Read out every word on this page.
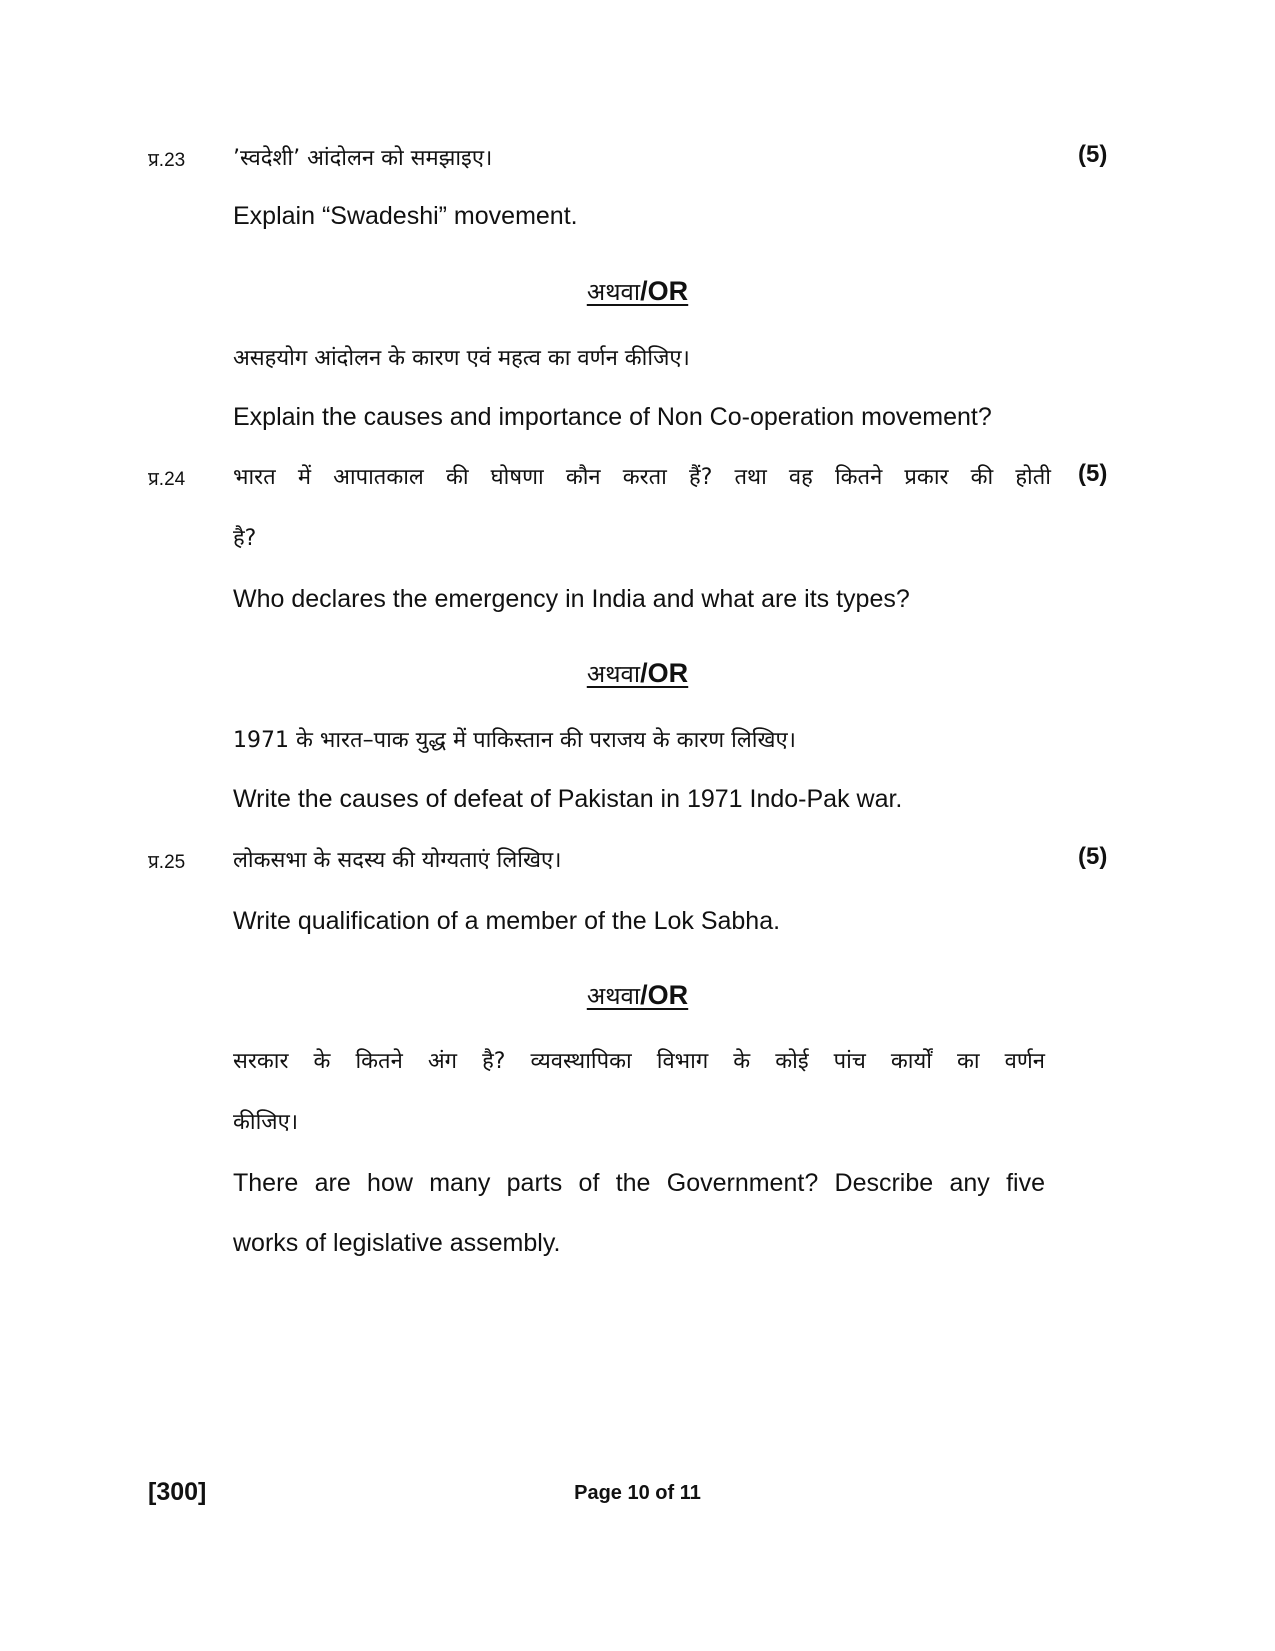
प्र.23 ’स्वदेशी’ आंदोलन को समझाइए।	(5)
Explain “Swadeshi” movement.
अथवा/OR
असहयोग आंदोलन के कारण एवं महत्व का वर्णन कीजिए।
Explain the causes and importance of Non Co-operation movement?
प्र.24 भारत में आपातकाल की घोषणा कौन करता हैं? तथा वह कितने प्रकार की होती (5)
है?
Who declares the emergency in India and what are its types?
अथवा/OR
1971 के भारत–पाक युद्ध में पाकिस्तान की पराजय के कारण लिखिए।
Write the causes of defeat of Pakistan in 1971 Indo-Pak war.
प्र.25 लोकसभा के सदस्य की योग्यताएं लिखिए।	(5)
Write qualification of a member of the Lok Sabha.
अथवा/OR
सरकार के कितने अंग है? व्यवस्थापिका विभाग के कोई पांच कार्यों का वर्णन
कीजिए।
There are how many parts of the Government? Describe any five
works of legislative assembly.
[300]	Page 10 of 11
